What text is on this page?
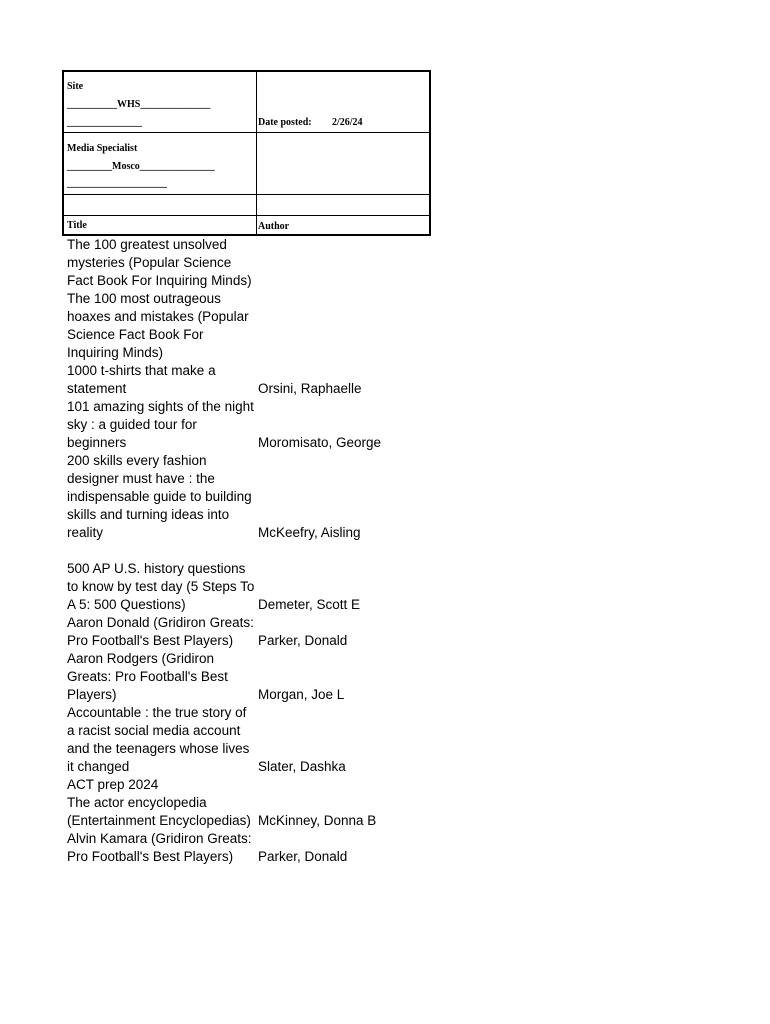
Site
__________WHS______________
_______________	Date posted: 2/26/24
Media Specialist
_________Mosco_______________
____________________
Title	Author
The 100 greatest unsolved mysteries (Popular Science Fact Book For Inquiring Minds)
The 100 most outrageous hoaxes and mistakes (Popular Science Fact Book For Inquiring Minds)
1000 t-shirts that make a statement	Orsini, Raphaelle
101 amazing sights of the night sky : a guided tour for beginners	Moromisato, George
200 skills every fashion designer must have : the indispensable guide to building skills and turning ideas into reality	McKeefry, Aisling
500 AP U.S. history questions to know by test day (5 Steps To A 5: 500 Questions)	Demeter, Scott E
Aaron Donald (Gridiron Greats: Pro Football's Best Players)	Parker, Donald
Aaron Rodgers (Gridiron Greats: Pro Football's Best Players)	Morgan, Joe L
Accountable : the true story of a racist social media account and the teenagers whose lives it changed	Slater, Dashka
ACT prep 2024
The actor encyclopedia (Entertainment Encyclopedias) McKinney, Donna B
Alvin Kamara (Gridiron Greats: Pro Football's Best Players)	Parker, Donald
